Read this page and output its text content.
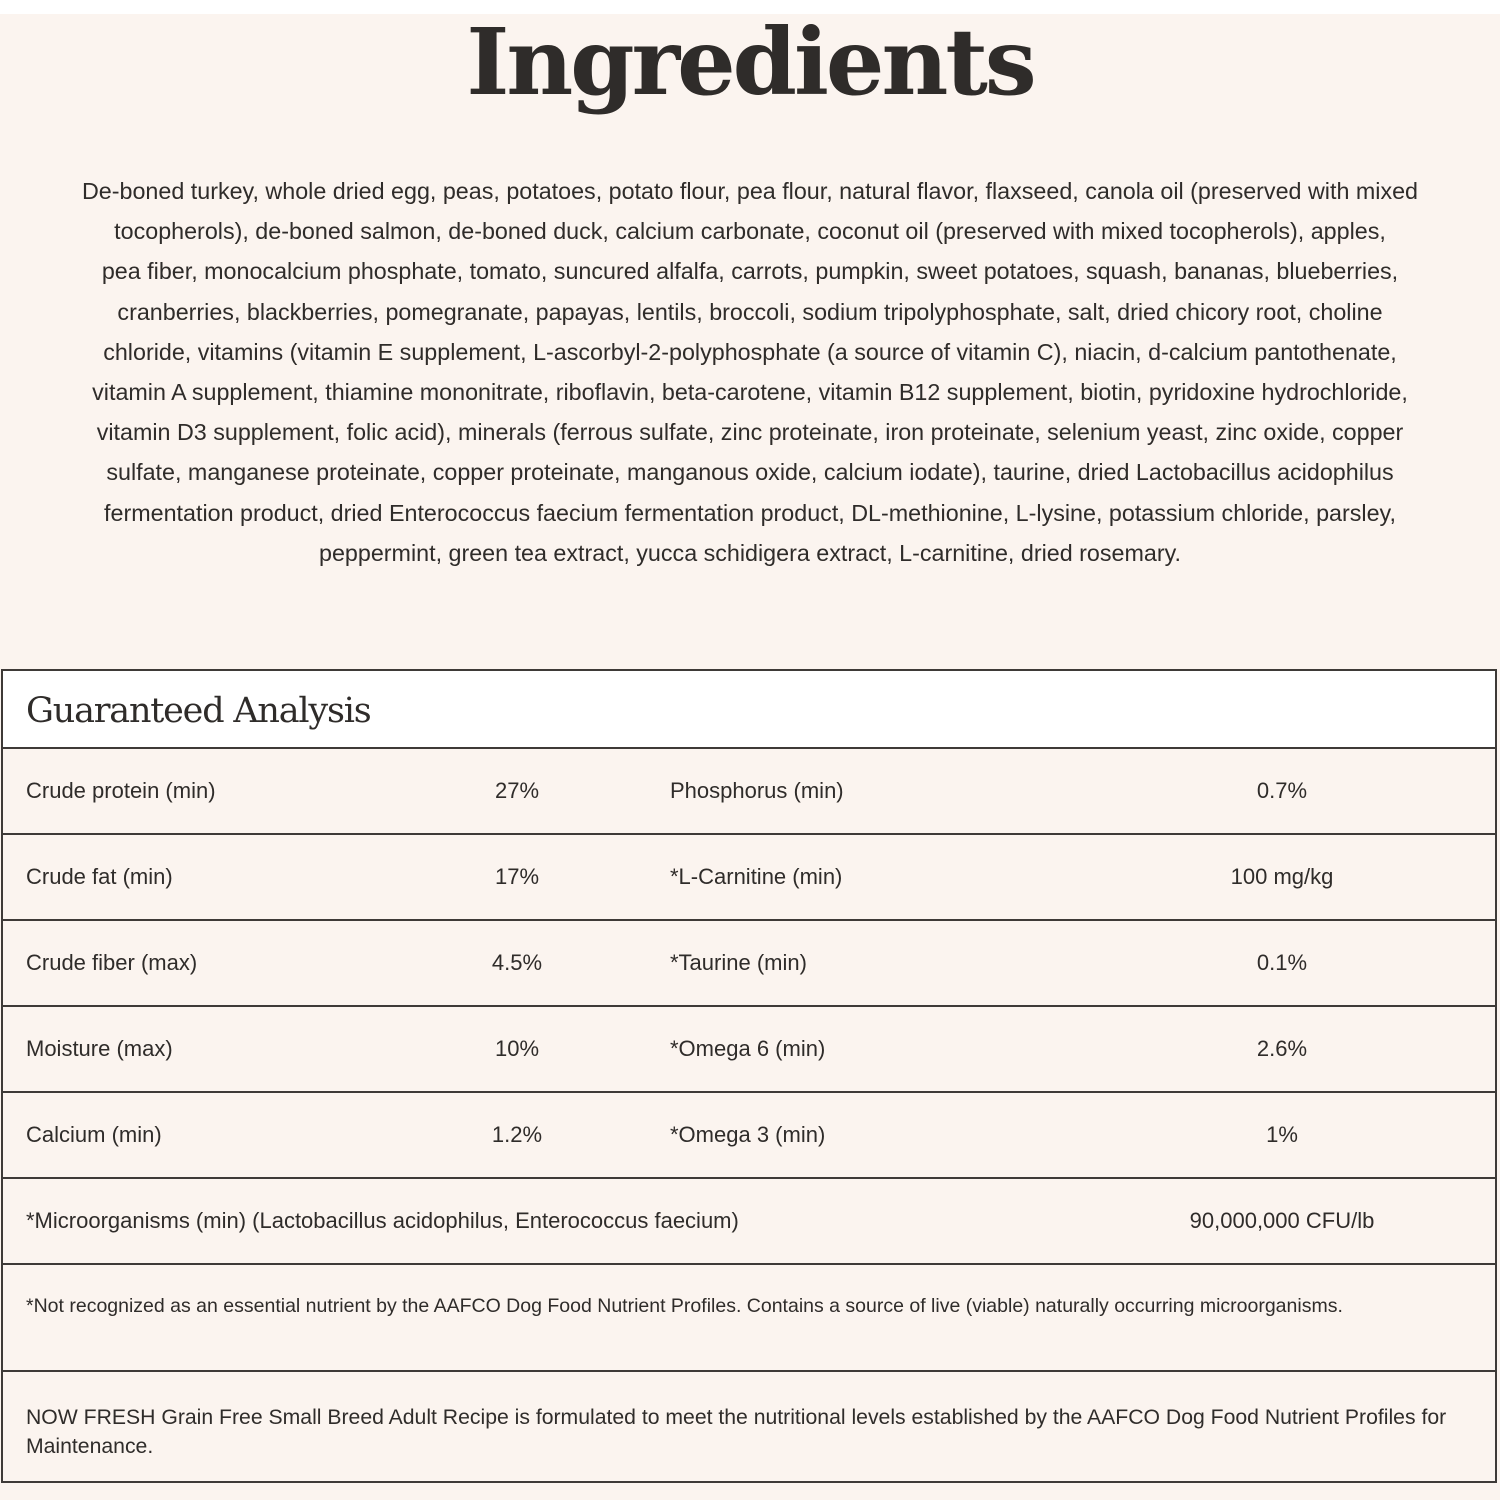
Ingredients

De-boned turkey, whole dried egg, peas, potatoes, potato flour, pea flour, natural flavor, flaxseed, canola oil (preserved with mixed
tocopherols), de-boned salmon, de-boned duck, calcium carbonate, coconut oil (preserved with mixed tocopherols), apples,
pea fiber, monocalcium phosphate, tomato, suncured alfalfa, carrots, pumpkin, sweet potatoes, squash, bananas, blueberries,
cranberries, blackberries, pomegranate, papayas, lentils, broccoli, sodium tripolyphosphate, salt, dried chicory root, choline
chloride, vitamins (vitamin E supplement, L-ascorbyl-2-polyphosphate (a source of vitamin C), niacin, d-calcium pantothenate,
vitamin A supplement, thiamine mononitrate, riboflavin, beta-carotene, vitamin B12 supplement, biotin, pyridoxine hydrochloride,
vitamin D3 supplement, folic acid), minerals (ferrous sulfate, zinc proteinate, iron proteinate, selenium yeast, zinc oxide, copper
sulfate, manganese proteinate, copper proteinate, manganous oxide, calcium iodate), taurine, dried Lactobacillus acidophilus
fermentation product, dried Enterococcus faecium fermentation product, DL-methionine, L-lysine, potassium chloride, parsley,
peppermint, green tea extract, yucca schidigera extract, L-carnitine, dried rosemary.

Guaranteed Analysis
Crude protein (min)	27%	Phosphorus (min)	0.7%
Crude fat (min)	17%	*L-Carnitine (min)	100 mg/kg
Crude fiber (max)	4.5%	*Taurine (min)	0.1%
Moisture (max)	10%	*Omega 6 (min)	2.6%
Calcium (min)	1.2%	*Omega 3 (min)	1%
*Microorganisms (min) (Lactobacillus acidophilus, Enterococcus faecium)	90,000,000 CFU/lb
*Not recognized as an essential nutrient by the AAFCO Dog Food Nutrient Profiles. Contains a source of live (viable) naturally occurring microorganisms.
NOW FRESH Grain Free Small Breed Adult Recipe is formulated to meet the nutritional levels established by the AAFCO Dog Food Nutrient Profiles for Maintenance.
